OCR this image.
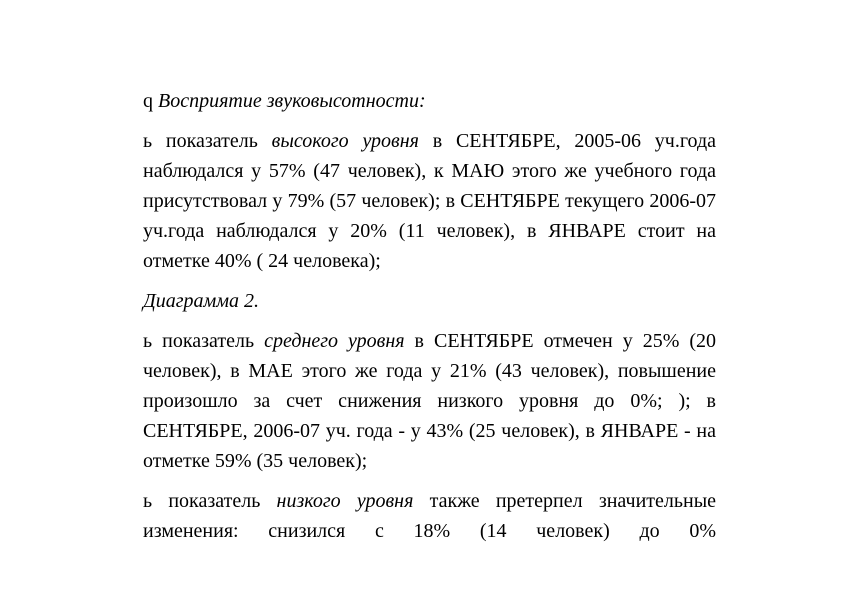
q Восприятие звуковысотности:

ь показатель высокого уровня в СЕНТЯБРЕ, 2005-06 уч.года наблюдался у 57% (47 человек), к МАЮ этого же учебного года присутствовал у 79% (57 человек); в СЕНТЯБРЕ текущего 2006-07 уч.года наблюдался у 20% (11 человек), в ЯНВАРЕ стоит на отметке 40% ( 24 человека);

Диаграмма 2.

ь показатель среднего уровня в СЕНТЯБРЕ отмечен у 25% (20 человек), в МАЕ этого же года у 21% (43 человек), повышение произошло за счет снижения низкого уровня до 0%; ); в СЕНТЯБРЕ, 2006-07 уч. года - у 43% (25 человек), в ЯНВАРЕ - на отметке 59% (35 человек);

ь показатель низкого уровня также претерпел значительные изменения: снизился с 18% (14 человек) до 0%
